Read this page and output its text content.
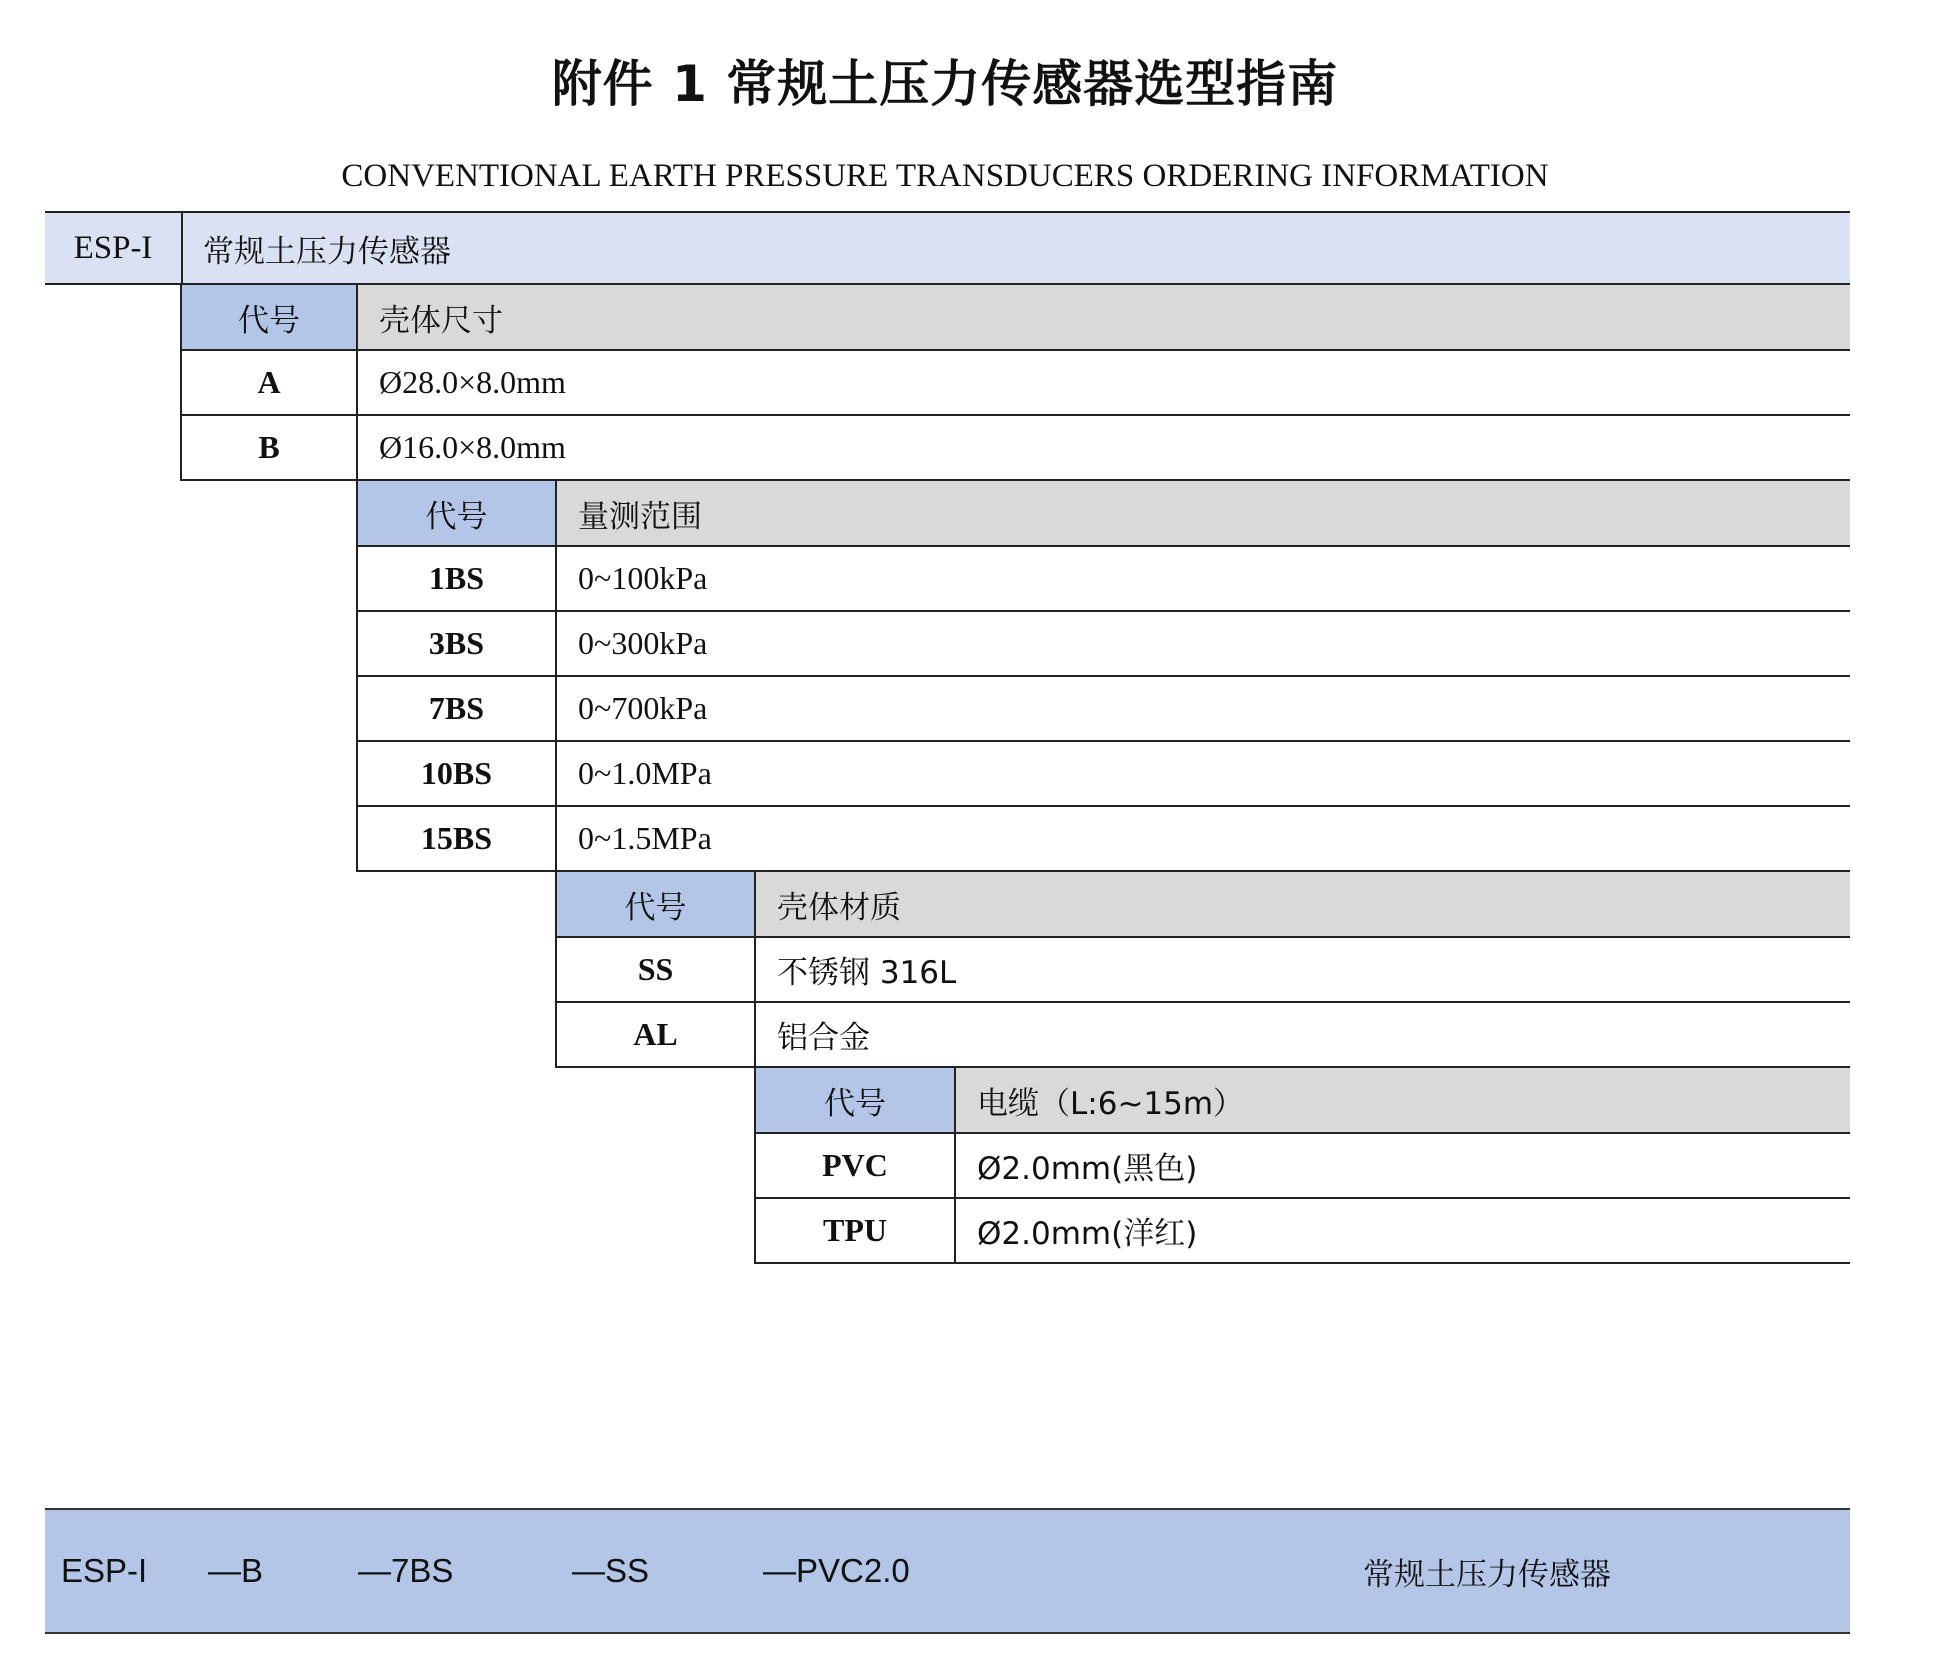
附件 1 常规土压力传感器选型指南
CONVENTIONAL EARTH PRESSURE TRANSDUCERS ORDERING INFORMATION
ESP-I	常规土压力传感器
代号	壳体尺寸
A	Ø28.0×8.0mm
B	Ø16.0×8.0mm
代号	量测范围
1BS	0~100kPa
3BS	0~300kPa
7BS	0~700kPa
10BS	0~1.0MPa
15BS	0~1.5MPa
代号	壳体材质
SS	不锈钢 316L
AL	铝合金
代号	电缆（L:6~15m）
PVC	Ø2.0mm(黑色)
TPU	Ø2.0mm(洋红)
ESP-I —B	—7BS	—SS	—PVC2.0	常规土压力传感器
